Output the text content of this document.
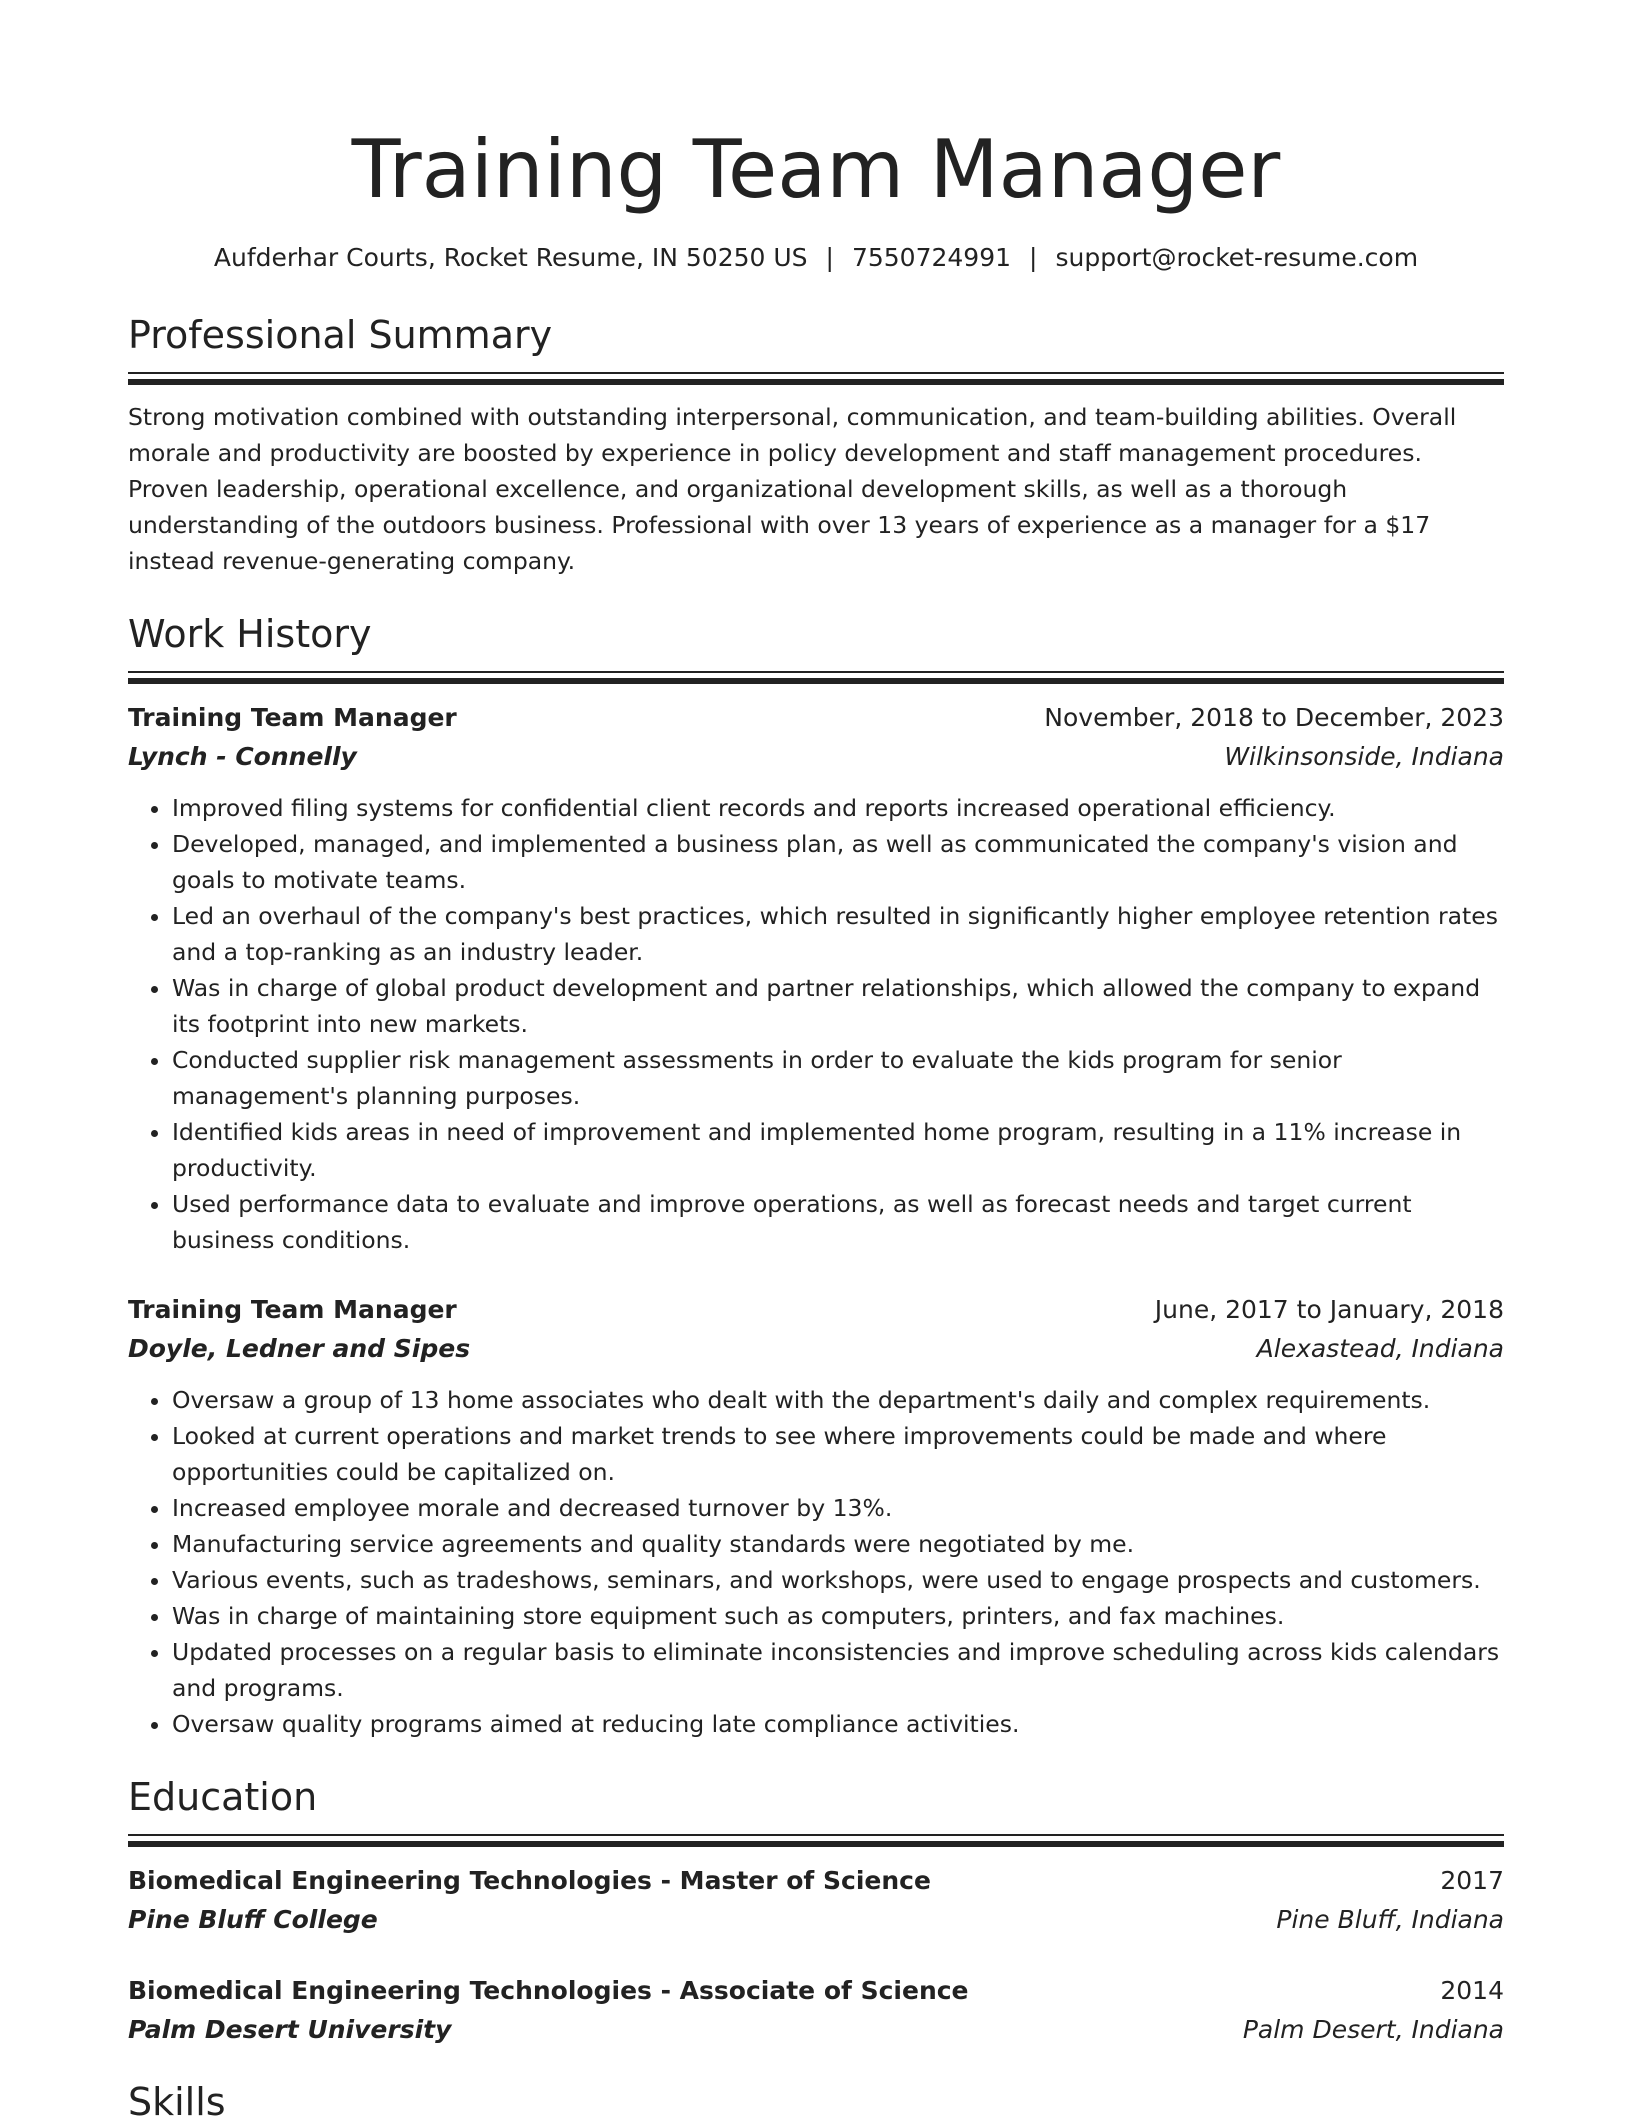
Training Team Manager
Aufderhar Courts, Rocket Resume, IN 50250 US | 7550724991 | support@rocket-resume.com
Professional Summary
Strong motivation combined with outstanding interpersonal, communication, and team-building abilities. Overall morale and productivity are boosted by experience in policy development and staff management procedures. Proven leadership, operational excellence, and organizational development skills, as well as a thorough understanding of the outdoors business. Professional with over 13 years of experience as a manager for a $17 instead revenue-generating company.
Work History
Training Team Manager	November, 2018 to December, 2023
Lynch - Connelly	Wilkinsonside, Indiana
• Improved filing systems for confidential client records and reports increased operational efficiency.
• Developed, managed, and implemented a business plan, as well as communicated the company's vision and goals to motivate teams.
• Led an overhaul of the company's best practices, which resulted in significantly higher employee retention rates and a top-ranking as an industry leader.
• Was in charge of global product development and partner relationships, which allowed the company to expand its footprint into new markets.
• Conducted supplier risk management assessments in order to evaluate the kids program for senior management's planning purposes.
• Identified kids areas in need of improvement and implemented home program, resulting in a 11% increase in productivity.
• Used performance data to evaluate and improve operations, as well as forecast needs and target current business conditions.
Training Team Manager	June, 2017 to January, 2018
Doyle, Ledner and Sipes	Alexastead, Indiana
• Oversaw a group of 13 home associates who dealt with the department's daily and complex requirements.
• Looked at current operations and market trends to see where improvements could be made and where opportunities could be capitalized on.
• Increased employee morale and decreased turnover by 13%.
• Manufacturing service agreements and quality standards were negotiated by me.
• Various events, such as tradeshows, seminars, and workshops, were used to engage prospects and customers.
• Was in charge of maintaining store equipment such as computers, printers, and fax machines.
• Updated processes on a regular basis to eliminate inconsistencies and improve scheduling across kids calendars and programs.
• Oversaw quality programs aimed at reducing late compliance activities.
Education
Biomedical Engineering Technologies - Master of Science	2017
Pine Bluff College	Pine Bluff, Indiana
Biomedical Engineering Technologies - Associate of Science	2014
Palm Desert University	Palm Desert, Indiana
Skills
